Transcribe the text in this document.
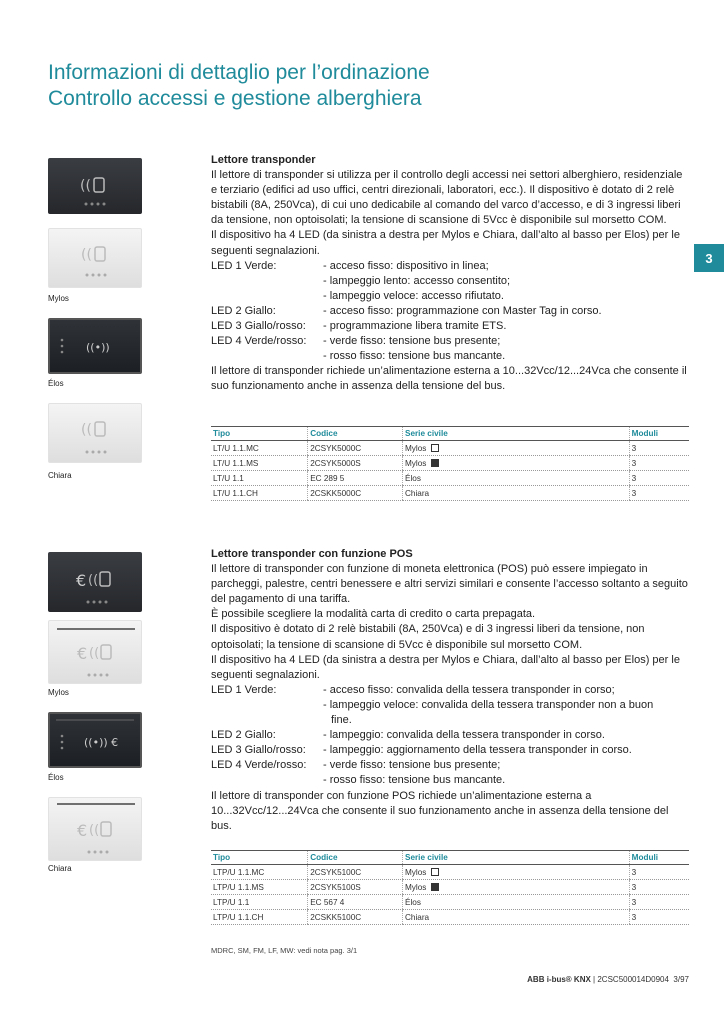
Informazioni di dettaglio per l’ordinazione
Controllo accessi e gestione alberghiera
3
((
((
Mylos
((•))
Élos
((
Chiara
Lettore transponder

Il lettore di transponder si utilizza per il controllo degli accessi nei settori alberghiero, residenziale e terziario (edifici ad uso uffici, centri direzionali, laboratori, ecc.). Il dispositivo è dotato di 2 relè bistabili (8A, 250Vca), di cui uno dedicabile al comando del varco d’accesso, e di 3 ingressi liberi da tensione, non optoisolati; la tensione di scansione di 5Vcc è disponibile sul morsetto COM.

Il dispositivo ha 4 LED (da sinistra a destra per Mylos e Chiara, dall’alto al basso per Elos) per le seguenti segnalazioni.

LED 1 Verde:	- acceso fisso: dispositivo in linea;
- lampeggio lento: accesso consentito;
- lampeggio veloce: accesso rifiutato.
LED 2 Giallo:	- acceso fisso: programmazione con Master Tag in corso.
LED 3 Giallo/rosso:	- programmazione libera tramite ETS.
LED 4 Verde/rosso:	- verde fisso: tensione bus presente;
- rosso fisso: tensione bus mancante.

Il lettore di transponder richiede un’alimentazione esterna a 10...32Vcc/12...24Vca che consente il suo funzionamento anche in assenza della tensione del bus.

Tipo	Codice	Serie civile	Moduli
LT/U 1.1.MC	2CSYK5000C	Mylos	3
LT/U 1.1.MS	2CSYK5000S	Mylos	3
LT/U 1.1	EC 289 5	Élos	3
LT/U 1.1.CH	2CSKK5000C	Chiara	3
€ ((
€ ((
Mylos
((•)) €
Élos
€ ((
Chiara
Lettore transponder con funzione POS

Il lettore di transponder con funzione di moneta elettronica (POS) può essere impiegato in parcheggi, palestre, centri benessere e altri servizi similari e consente l’accesso soltanto a seguito del pagamento di una tariffa.

È possibile scegliere la modalità carta di credito o carta prepagata.

Il dispositivo è dotato di 2 relè bistabili (8A, 250Vca) e di 3 ingressi liberi da tensione, non optoisolati; la tensione di scansione di 5Vcc è disponibile sul morsetto COM.

Il dispositivo ha 4 LED (da sinistra a destra per Mylos e Chiara, dall’alto al basso per Elos) per le seguenti segnalazioni.

LED 1 Verde:	- acceso fisso: convalida della tessera transponder in corso;
- lampeggio veloce: convalida della tessera transponder non a buon
fine.
LED 2 Giallo:	- lampeggio: convalida della tessera transponder in corso.
LED 3 Giallo/rosso:	- lampeggio: aggiornamento della tessera transponder in corso.
LED 4 Verde/rosso:	- verde fisso: tensione bus presente;
- rosso fisso: tensione bus mancante.

Il lettore di transponder con funzione POS richiede un’alimentazione esterna a 10...32Vcc/12...24Vca che consente il suo funzionamento anche in assenza della tensione del bus.

Tipo	Codice	Serie civile	Moduli
LTP/U 1.1.MC	2CSYK5100C	Mylos	3
LTP/U 1.1.MS	2CSYK5100S	Mylos	3
LTP/U 1.1	EC 567 4	Élos	3
LTP/U 1.1.CH	2CSKK5100C	Chiara	3
MDRC, SM, FM, LF, MW: vedi nota pag. 3/1
ABB i-bus® KNX | 2CSC500014D0904 3/97
